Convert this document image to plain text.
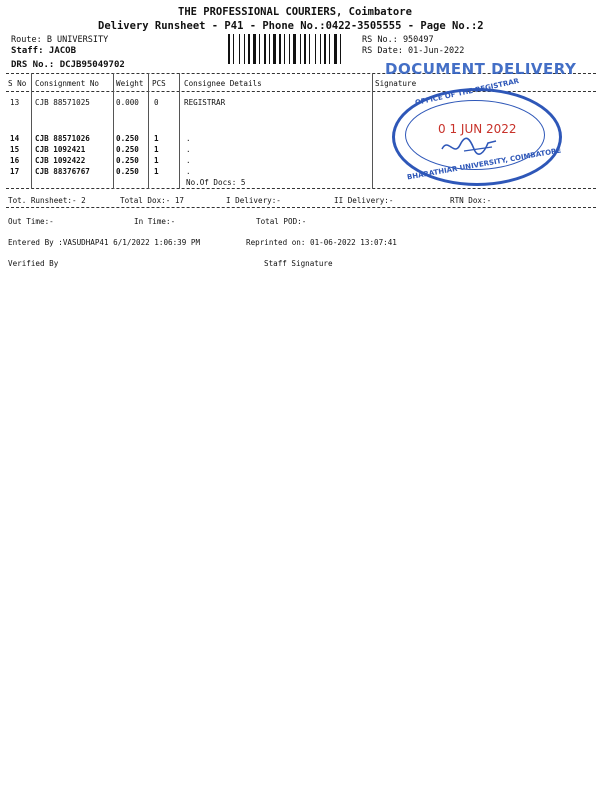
THE PROFESSIONAL COURIERS, Coimbatore
Delivery Runsheet - P41 - Phone No.:0422-3505555 - Page No.:2
Route: B UNIVERSITY
Staff: JACOB
DRS No.: DCJB95049702
RS No.: 950497
RS Date: 01-Jun-2022
S No Consignment No Weight PCS Consignee Details	Signature
13 CJB 88571025	0.000 0	REGISTRAR
14 CJB 88571026	0.250 1	.
15 CJB 1092421	0.250 1	.
16 CJB 1092422	0.250 1	.
17 CJB 88376767	0.250 1	.
No.Of Docs: 5
Tot. Runsheet:- 2	Total Dox:- 17	I Delivery:-	II Delivery:-	RTN Dox:-
Out Time:-	In Time:-	Total POD:-
Entered By :VASUDHAP41 6/1/2022 1:06:39 PM	Reprinted on: 01-06-2022 13:07:41
Verified By	Staff Signature
DOCUMENT DELIVERY
OFFICE OF THE REGISTRAR
0 1 JUN 2022
BHARATHIAR UNIVERSITY, COIMBATORE
